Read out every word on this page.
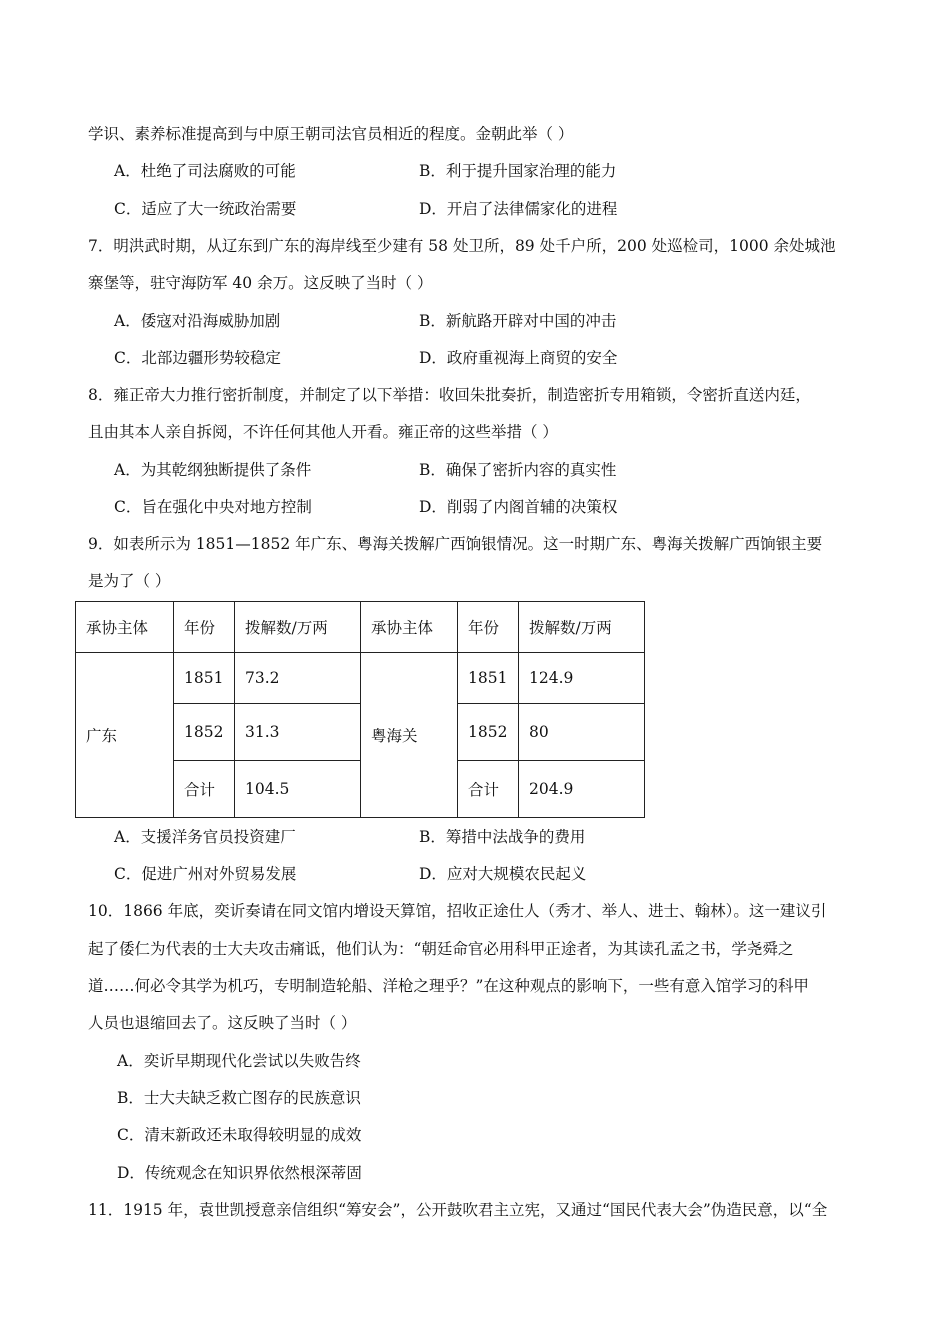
学识、素养标准提高到与中原王朝司法官员相近的程度。金朝此举（ ）
A．杜绝了司法腐败的可能	B．利于提升国家治理的能力
C．适应了大一统政治需要	D．开启了法律儒家化的进程
7．明洪武时期，从辽东到广东的海岸线至少建有 58 处卫所，89 处千户所，200 处巡检司，1000 余处城池
寨堡等，驻守海防军 40 余万。这反映了当时（ ）
A．倭寇对沿海威胁加剧	B．新航路开辟对中国的冲击
C．北部边疆形势较稳定	D．政府重视海上商贸的安全
8．雍正帝大力推行密折制度，并制定了以下举措：收回朱批奏折，制造密折专用箱锁，令密折直送内廷，
且由其本人亲自拆阅，不许任何其他人开看。雍正帝的这些举措（ ）
A．为其乾纲独断提供了条件	B．确保了密折内容的真实性
C．旨在强化中央对地方控制	D．削弱了内阁首辅的决策权
9．如表所示为 1851—1852 年广东、粤海关拨解广西饷银情况。这一时期广东、粤海关拨解广西饷银主要
是为了（ ）
承协主体	年份	拨解数/万两	承协主体	年份	拨解数/万两
广东	1851	73.2	粤海关	1851	124.9
	1852	31.3		1852	80
	合计	104.5		合计	204.9
A．支援洋务官员投资建厂	B．筹措中法战争的费用
C．促进广州对外贸易发展	D．应对大规模农民起义
10．1866 年底，奕䜣奏请在同文馆内增设天算馆，招收正途仕人（秀才、举人、进士、翰林）。这一建议引
起了倭仁为代表的士大夫攻击痛诋，他们认为：“朝廷命官必用科甲正途者，为其读孔孟之书，学尧舜之
道……何必令其学为机巧，专明制造轮船、洋枪之理乎？”在这种观点的影响下，一些有意入馆学习的科甲
人员也退缩回去了。这反映了当时（ ）
A．奕䜣早期现代化尝试以失败告终
B．士大夫缺乏救亡图存的民族意识
C．清末新政还未取得较明显的成效
D．传统观念在知识界依然根深蒂固
11．1915 年，袁世凯授意亲信组织“筹安会”，公开鼓吹君主立宪，又通过“国民代表大会”伪造民意，以“全
